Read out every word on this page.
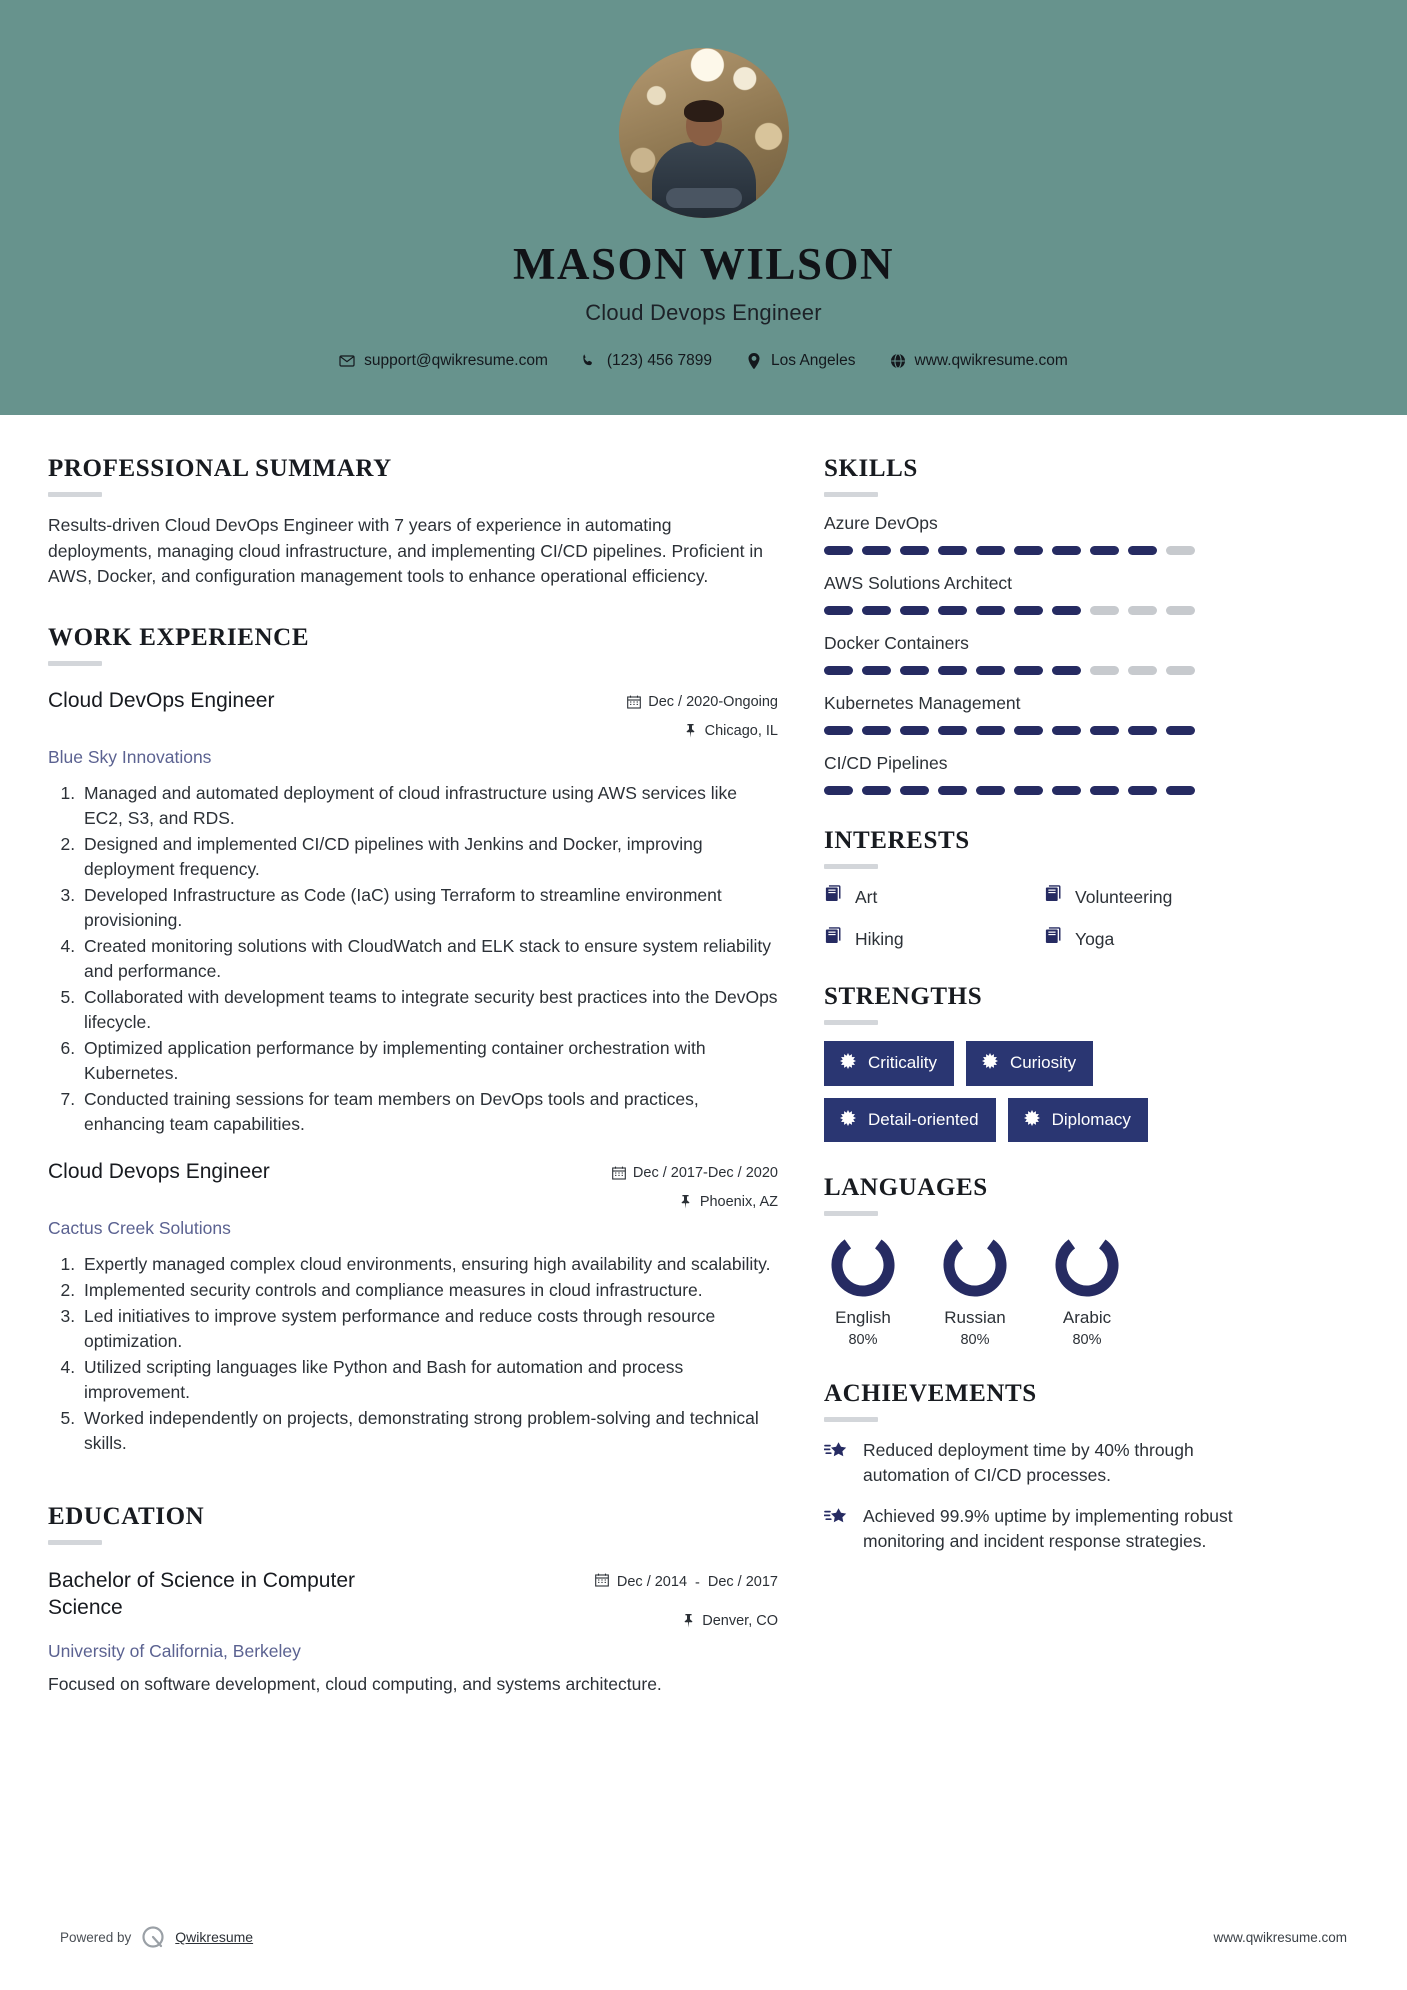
MASON WILSON
Cloud Devops Engineer
support@qwikresume.com	(123) 456 7899	Los Angeles	www.qwikresume.com
PROFESSIONAL SUMMARY

Results-driven Cloud DevOps Engineer with 7 years of experience in automating deployments, managing cloud infrastructure, and implementing CI/CD pipelines. Proficient in AWS, Docker, and configuration management tools to enhance operational efficiency.

WORK EXPERIENCE
Cloud DevOps Engineer	Dec / 2020-Ongoing
Chicago, IL
Blue Sky Innovations
1. Managed and automated deployment of cloud infrastructure using AWS services like EC2, S3, and RDS.
2. Designed and implemented CI/CD pipelines with Jenkins and Docker, improving deployment frequency.
3. Developed Infrastructure as Code (IaC) using Terraform to streamline environment provisioning.
4. Created monitoring solutions with CloudWatch and ELK stack to ensure system reliability and performance.
5. Collaborated with development teams to integrate security best practices into the DevOps lifecycle.
6. Optimized application performance by implementing container orchestration with Kubernetes.
7. Conducted training sessions for team members on DevOps tools and practices, enhancing team capabilities.
Cloud Devops Engineer	Dec / 2017-Dec / 2020
Phoenix, AZ
Cactus Creek Solutions
1. Expertly managed complex cloud environments, ensuring high availability and scalability.
2. Implemented security controls and compliance measures in cloud infrastructure.
3. Led initiatives to improve system performance and reduce costs through resource optimization.
4. Utilized scripting languages like Python and Bash for automation and process improvement.
5. Worked independently on projects, demonstrating strong problem-solving and technical skills.
EDUCATION
Bachelor of Science in Computer Science
Dec / 2014 - Dec / 2017
Denver, CO
University of California, Berkeley
Focused on software development, cloud computing, and systems architecture.
SKILLS
Azure DevOps
AWS Solutions Architect
Docker Containers
Kubernetes Management
CI/CD Pipelines
INTERESTS
Art	Volunteering
Hiking	Yoga
STRENGTHS
Criticality	Curiosity
Detail-oriented	Diplomacy
LANGUAGES
English
80%
Russian
80%
Arabic
80%
ACHIEVEMENTS
Reduced deployment time by 40% through automation of CI/CD processes.
Achieved 99.9% uptime by implementing robust monitoring and incident response strategies.
Powered by	Qwikresume	www.qwikresume.com
